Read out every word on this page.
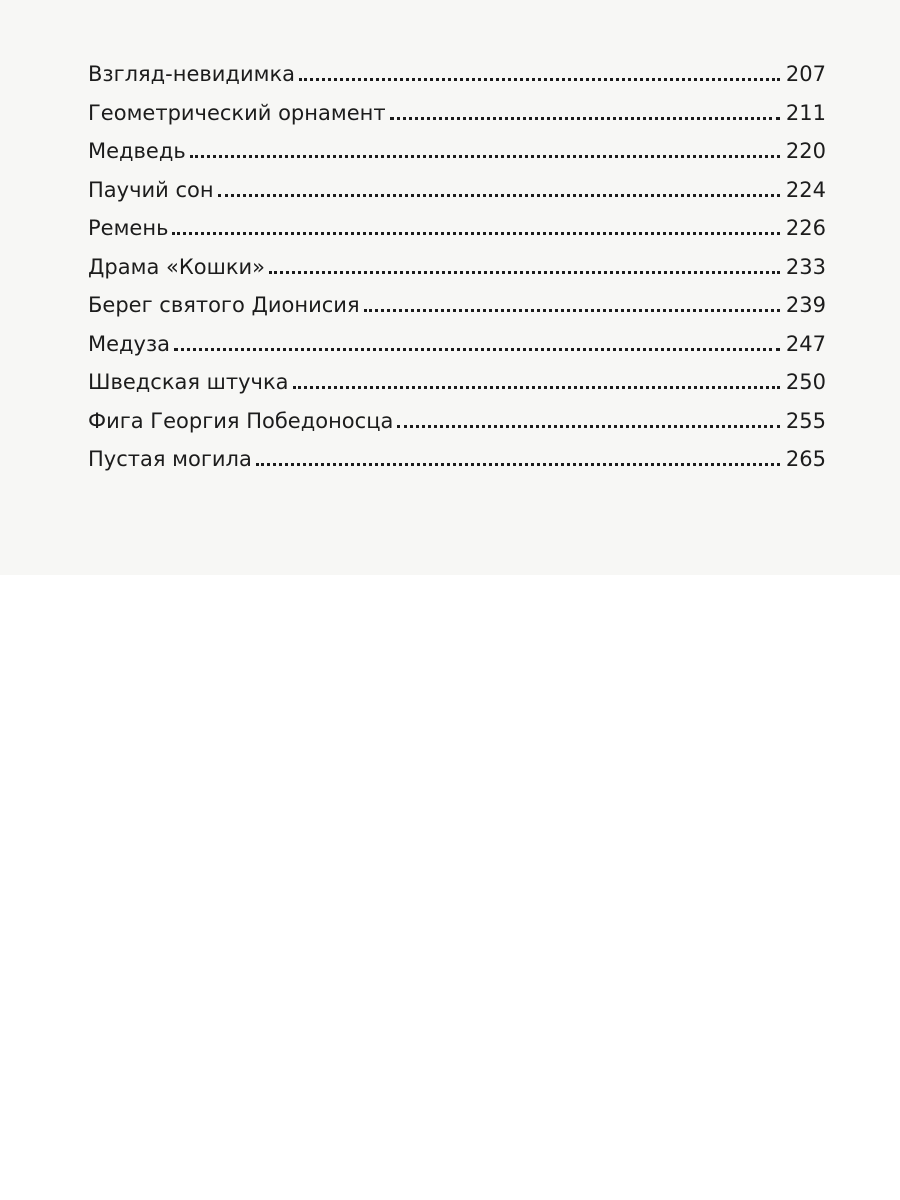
Взгляд-невидимка	207
Геометрический орнамент	211
Медведь	220
Паучий сон	224
Ремень	226
Драма «Кошки»	233
Берег святого Дионисия	239
Медуза	247
Шведская штучка	250
Фига Георгия Победоносца	255
Пустая могила	265
